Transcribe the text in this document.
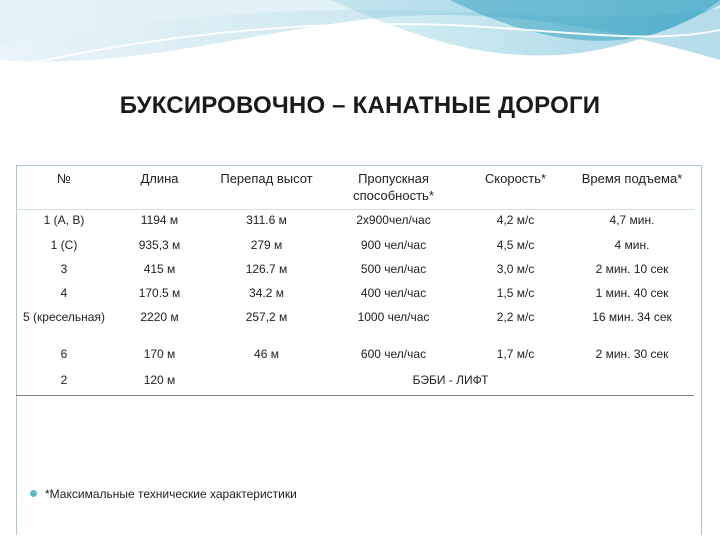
БУКСИРОВОЧНО – КАНАТНЫЕ ДОРОГИ
№	Длина	Перепад высот	Пропускная способность*	Скорость*	Время подъема*
1 (А, В)	1194 м	311.6 м	2х900чел/час	4,2 м/с	4,7 мин.
1 (С)	935,3 м	279 м	900 чел/час	4,5 м/с	4 мин.
3	415 м	126.7 м	500 чел/час	3,0 м/с	2 мин. 10 сек
4	170.5 м	34.2 м	400 чел/час	1,5 м/с	1 мин. 40 сек
5 (кресельная)	2220 м	257,2 м	1000 чел/час	2,2 м/с	16 мин. 34 сек
6	170 м	46 м	600 чел/час	1,7 м/с	2 мин. 30 сек
2	120 м	БЭБИ - ЛИФТ			
*Максимальные технические характеристики
